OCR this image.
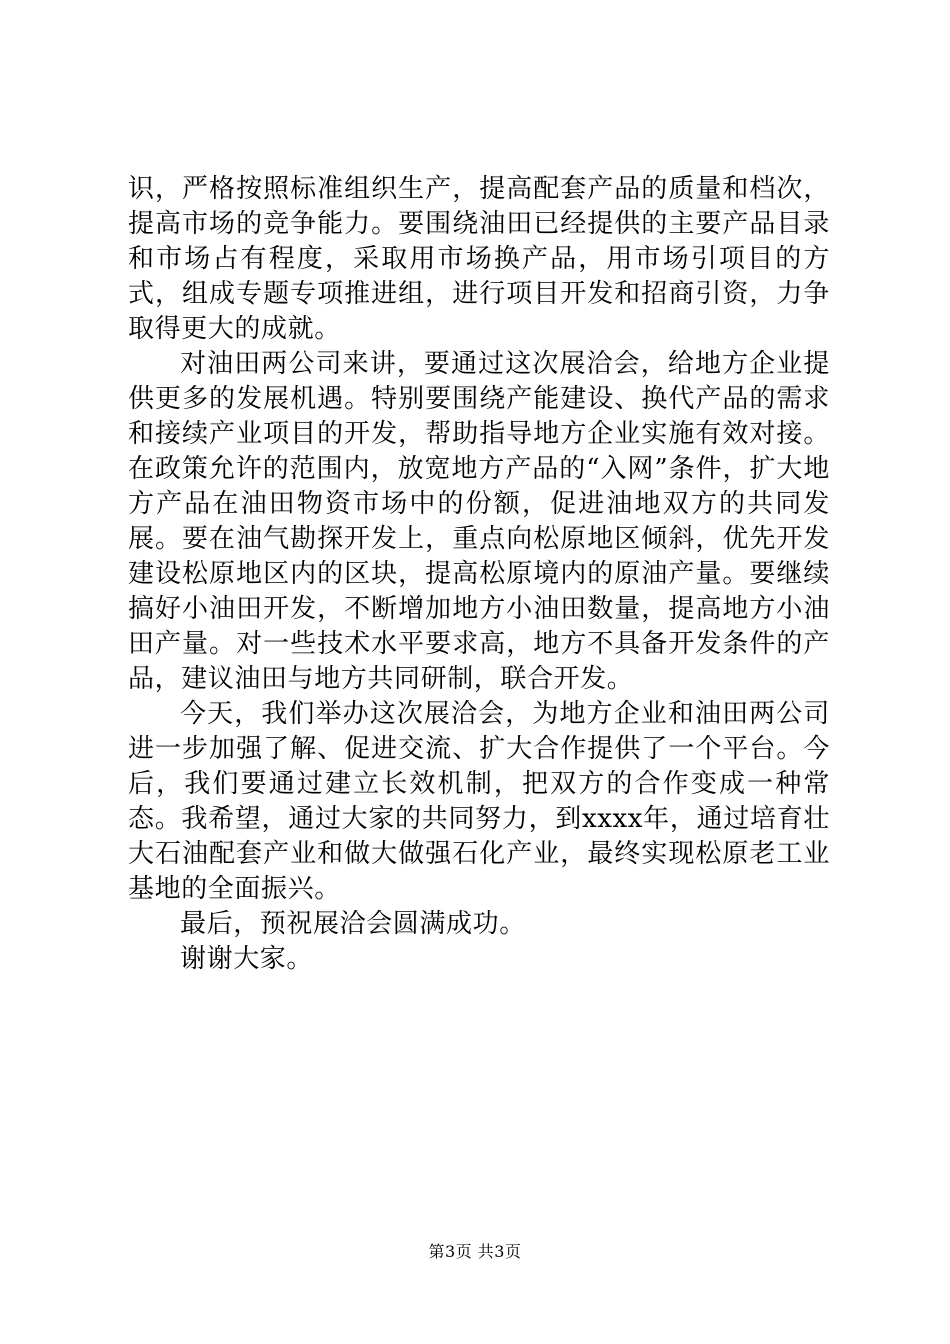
识，严格按照标准组织生产，提高配套产品的质量和档次，提高市场的竞争能力。要围绕油田已经提供的主要产品目录和市场占有程度，采取用市场换产品，用市场引项目的方式，组成专题专项推进组，进行项目开发和招商引资，力争取得更大的成就。

对油田两公司来讲，要通过这次展洽会，给地方企业提供更多的发展机遇。特别要围绕产能建设、换代产品的需求和接续产业项目的开发，帮助指导地方企业实施有效对接。在政策允许的范围内，放宽地方产品的“入网”条件，扩大地方产品在油田物资市场中的份额，促进油地双方的共同发展。要在油气勘探开发上，重点向松原地区倾斜，优先开发建设松原地区内的区块，提高松原境内的原油产量。要继续搞好小油田开发，不断增加地方小油田数量，提高地方小油田产量。对一些技术水平要求高，地方不具备开发条件的产品，建议油田与地方共同研制，联合开发。

今天，我们举办这次展洽会，为地方企业和油田两公司进一步加强了解、促进交流、扩大合作提供了一个平台。今后，我们要通过建立长效机制，把双方的合作变成一种常态。我希望，通过大家的共同努力，到xxxx年，通过培育壮大石油配套产业和做大做强石化产业，最终实现松原老工业基地的全面振兴。

最后，预祝展洽会圆满成功。

谢谢大家。

第3页 共3页
